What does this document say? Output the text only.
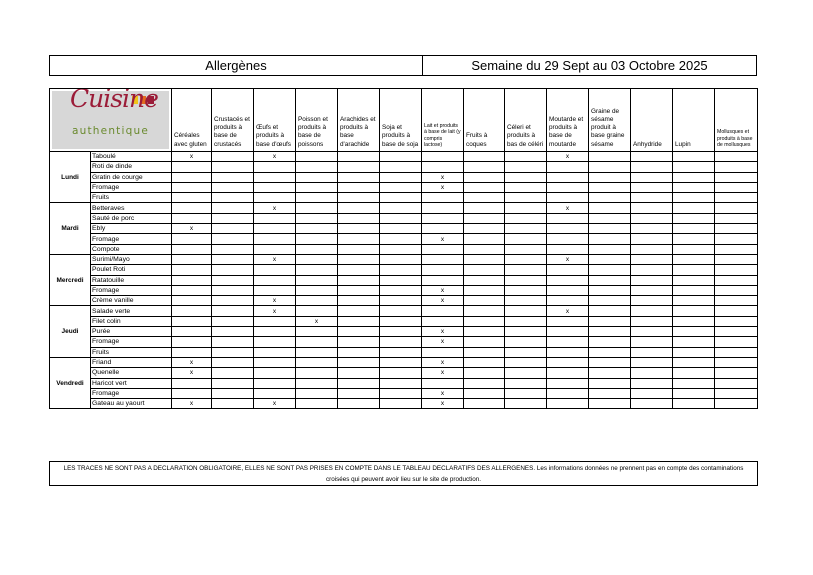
Allergènes	Semaine du 29 Sept au 03 Octobre 2025
Cuisine
authentique		Céréales avec gluten	Crustacés et produits à base de crustacés	Œufs et produits à base d'œufs	Poisson et produits à base de poissons	Arachides et produits à base d'arachide	Soja et produits à base de soja	Lait et produits à base de lait (y compris lactose)	Fruits à coques	Céleri et produits à bas de céléri	Moutarde et produits à base de moutarde	Graine de sésame produit à base graine sésame	Anhydride	Lupin	Mollusques et produits à base de mollusques
Lundi	Taboulé	x		x							x				
	Roti de dinde														
	Gratin de courge							x							
	Fromage							x							
	Fruits														
Mardi	Betteraves			x							x				
	Sauté de porc														
	Ebly	x													
	Fromage							x							
	Compote														
Mercredi	Surimi/Mayo			x							x				
	Poulet Roti														
	Ratatouille														
	Fromage							x							
	Crème vanille			x				x							
Jeudi	Salade verte			x							x				
	Filet colin				x										
	Purée							x							
	Fromage							x							
	Fruits														
Vendredi	Friand	x						x							
	Quenelle	x						x							
	Haricot vert														
	Fromage							x							
	Gateau au yaourt	x		x				x							
LES TRACES NE SONT PAS A DECLARATION OBLIGATOIRE, ELLES NE SONT PAS PRISES EN COMPTE DANS LE TABLEAU DECLARATIFS DES ALLERGENES. Les informations données ne prennent pas en compte des contaminations croisées qui peuvent avoir lieu sur le site de production.
